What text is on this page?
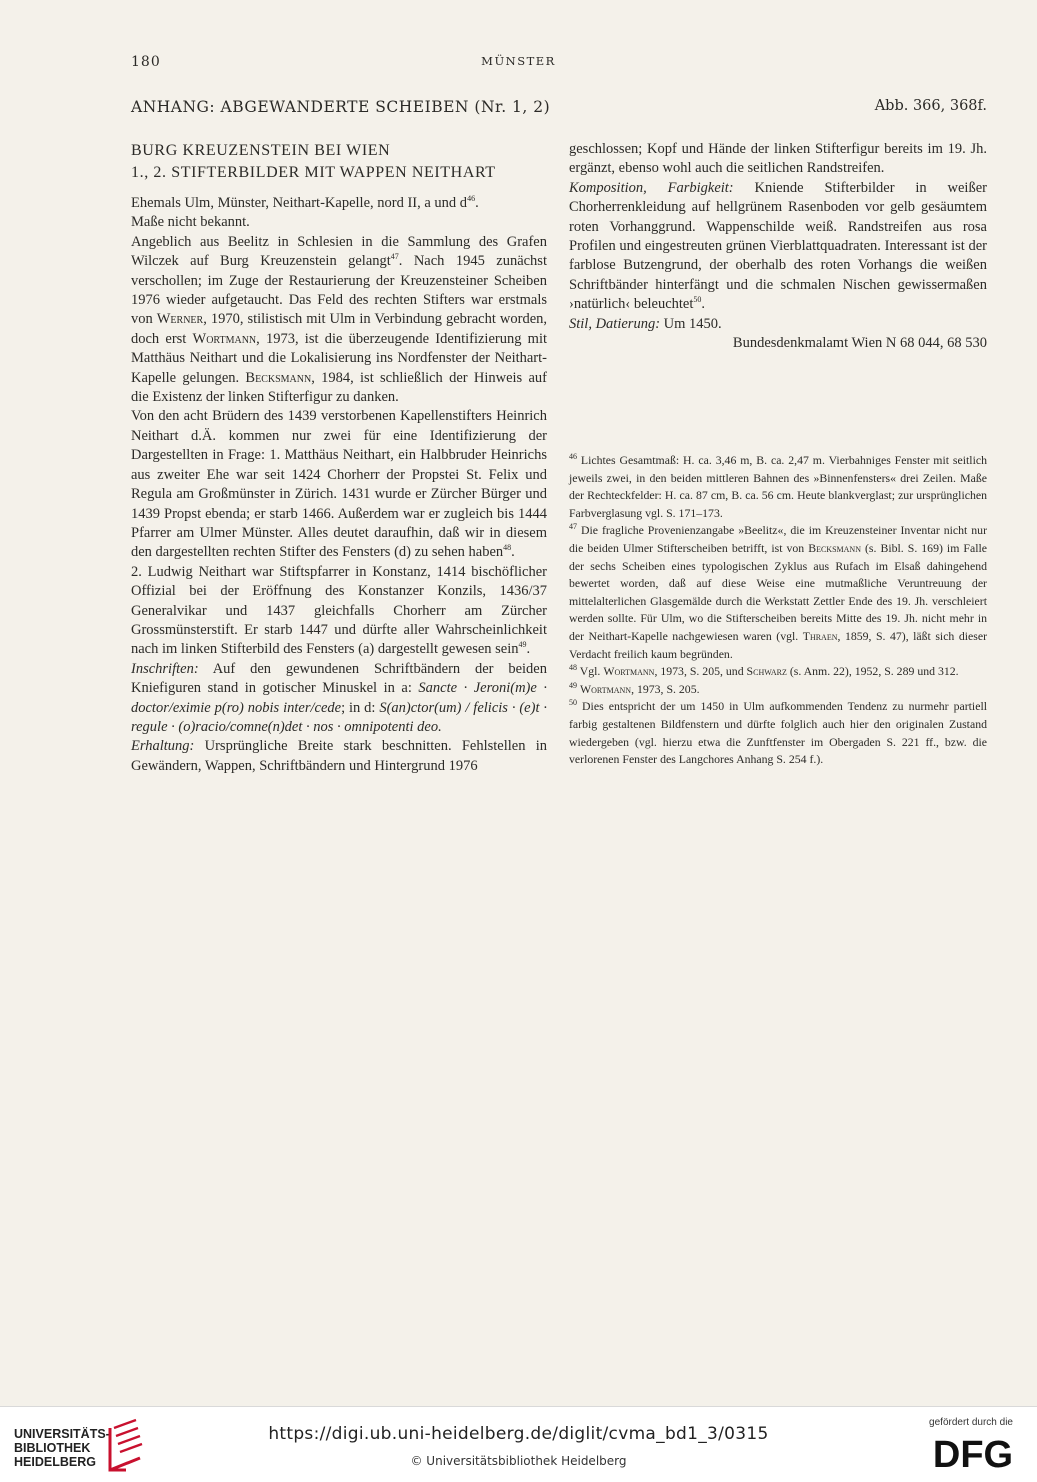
180	MÜNSTER
ANHANG: ABGEWANDERTE SCHEIBEN (Nr. 1, 2)	Abb. 366, 368f.
BURG KREUZENSTEIN BEI WIEN
1., 2. STIFTERBILDER MIT WAPPEN NEITHART

Ehemals Ulm, Münster, Neithart-Kapelle, nord II, a und $d^{46}$.

Maße nicht bekannt.

Angeblich aus Beelitz in Schlesien in die Sammlung des Grafen Wilczek auf Burg Kreuzenstein gelangt$^{47}$. Nach 1945 zunächst verschollen; im Zuge der Restaurierung der Kreuzensteiner Scheiben 1976 wieder aufgetaucht. Das Feld des rechten Stifters war erstmals von Werner, 1970, stilistisch mit Ulm in Verbindung gebracht worden, doch erst Wortmann, 1973, ist die überzeugende Identifizierung mit Matthäus Neithart und die Lokalisierung ins Nordfenster der Neithart-Kapelle gelungen. Becksmann, 1984, ist schließlich der Hinweis auf die Existenz der linken Stifterfigur zu danken.

Von den acht Brüdern des 1439 verstorbenen Kapellenstifters Heinrich Neithart d.Ä. kommen nur zwei für eine Identifizierung der Dargestellten in Frage: 1. Matthäus Neithart, ein Halbbruder Heinrichs aus zweiter Ehe war seit 1424 Chorherr der Propstei St. Felix und Regula am Großmünster in Zürich. 1431 wurde er Zürcher Bürger und 1439 Propst ebenda; er starb 1466. Außerdem war er zugleich bis 1444 Pfarrer am Ulmer Münster. Alles deutet daraufhin, daß wir in diesem den dargestellten rechten Stifter des Fensters (d) zu sehen haben$^{48}$.

2. Ludwig Neithart war Stiftspfarrer in Konstanz, 1414 bischöflicher Offizial bei der Eröffnung des Konstanzer Konzils, 1436/37 Generalvikar und 1437 gleichfalls Chorherr am Zürcher Grossmünsterstift. Er starb 1447 und dürfte aller Wahrscheinlichkeit nach im linken Stifterbild des Fensters (a) dargestellt gewesen sein$^{49}$.

Inschriften: Auf den gewundenen Schriftbändern der beiden Kniefiguren stand in gotischer Minuskel in a: Sancte · Jeroni(m)e · doctor/eximie p(ro) nobis inter/cede; in d: S(an)ctor(um) / felicis · (e)t · regule · (o)racio/comne(n)det · nos · omnipotenti deo.

Erhaltung: Ursprüngliche Breite stark beschnitten. Fehlstellen in Gewändern, Wappen, Schriftbändern und Hintergrund 1976

geschlossen; Kopf und Hände der linken Stifterfigur bereits im 19. Jh. ergänzt, ebenso wohl auch die seitlichen Randstreifen.

Komposition, Farbigkeit: Kniende Stifterbilder in weißer Chorherrenkleidung auf hellgrünem Rasenboden vor gelb gesäumtem roten Vorhanggrund. Wappenschilde weiß. Randstreifen aus rosa Profilen und eingestreuten grünen Vierblattquadraten. Interessant ist der farblose Butzengrund, der oberhalb des roten Vorhangs die weißen Schriftbänder hinterfängt und die schmalen Nischen gewissermaßen ›natürlich‹ beleuchtet$^{50}$.

Stil, Datierung: Um 1450.

Bundesdenkmalamt Wien N 68 044, 68 530

$^{46}$ Lichtes Gesamtmaß: H. ca. 3,46 m, B. ca. 2,47 m. Vierbahniges Fenster mit seitlich jeweils zwei, in den beiden mittleren Bahnen des »Binnenfensters« drei Zeilen. Maße der Rechteckfelder: H. ca. 87 cm, B. ca. 56 cm. Heute blankverglast; zur ursprünglichen Farbverglasung vgl. S. 171–173.

$^{47}$ Die fragliche Provenienzangabe »Beelitz«, die im Kreuzensteiner Inventar nicht nur die beiden Ulmer Stifterscheiben betrifft, ist von Becksmann (s. Bibl. S. 169) im Falle der sechs Scheiben eines typologischen Zyklus aus Rufach im Elsaß dahingehend bewertet worden, daß auf diese Weise eine mutmaßliche Veruntreuung der mittelalterlichen Glasgemälde durch die Werkstatt Zettler Ende des 19. Jh. verschleiert werden sollte. Für Ulm, wo die Stifterscheiben bereits Mitte des 19. Jh. nicht mehr in der Neithart-Kapelle nachgewiesen waren (vgl. Thraen, 1859, S. 47), läßt sich dieser Verdacht freilich kaum begründen.

$^{48}$ Vgl. Wortmann, 1973, S. 205, und Schwarz (s. Anm. 22), 1952, S. 289 und 312.

$^{49}$ Wortmann, 1973, S. 205.

$^{50}$ Dies entspricht der um 1450 in Ulm aufkommenden Tendenz zu nurmehr partiell farbig gestaltenen Bildfenstern und dürfte folglich auch hier den originalen Zustand wiedergeben (vgl. hierzu etwa die Zunftfenster im Obergaden S. 221 ff., bzw. die verlorenen Fenster des Langchores Anhang S. 254 f.).

UNIVERSITÄTS-
BIBLIOTHEK
HEIDELBERG
https://digi.ub.uni-heidelberg.de/diglit/cvma_bd1_3/0315
© Universitätsbibliothek Heidelberg
gefördert durch die
DFG
